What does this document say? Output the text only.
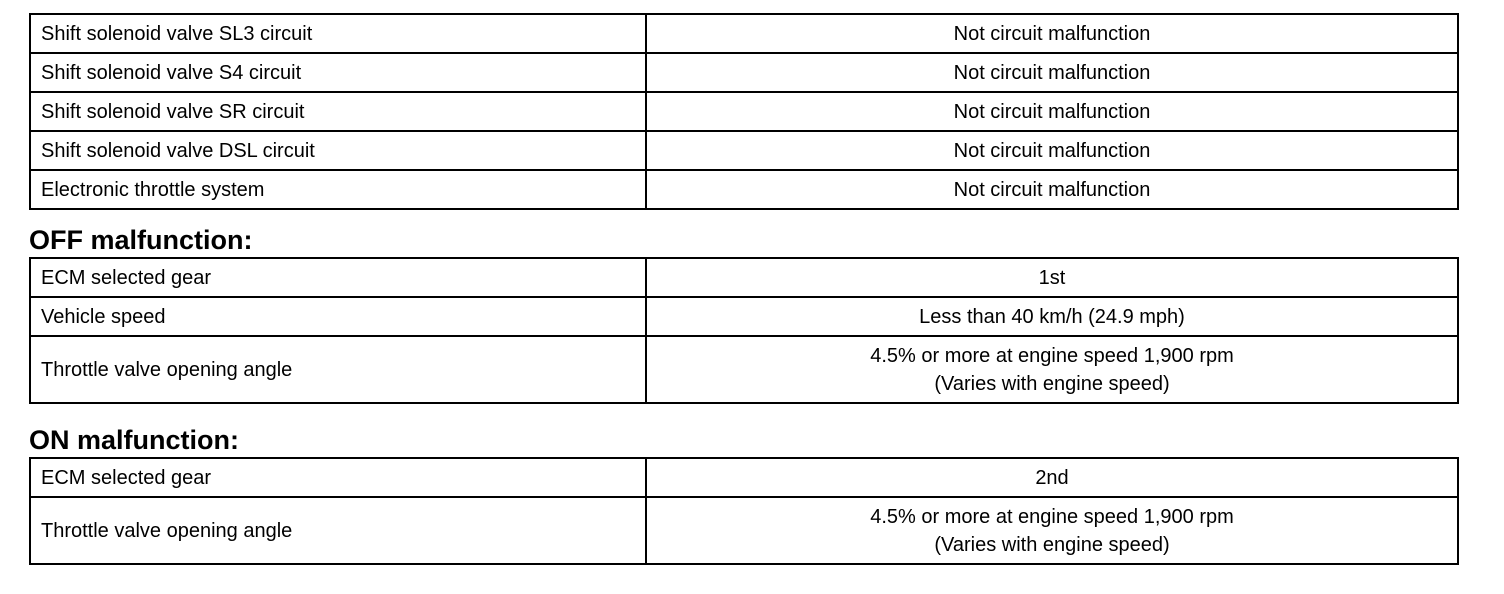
Shift solenoid valve SL3 circuit	Not circuit malfunction
Shift solenoid valve S4 circuit	Not circuit malfunction
Shift solenoid valve SR circuit	Not circuit malfunction
Shift solenoid valve DSL circuit	Not circuit malfunction
Electronic throttle system	Not circuit malfunction
OFF malfunction:
ECM selected gear	1st
Vehicle speed	Less than 40 km/h (24.9 mph)
Throttle valve opening angle	4.5% or more at engine speed 1,900 rpm
(Varies with engine speed)
ON malfunction:
ECM selected gear	2nd
Throttle valve opening angle	4.5% or more at engine speed 1,900 rpm
(Varies with engine speed)
